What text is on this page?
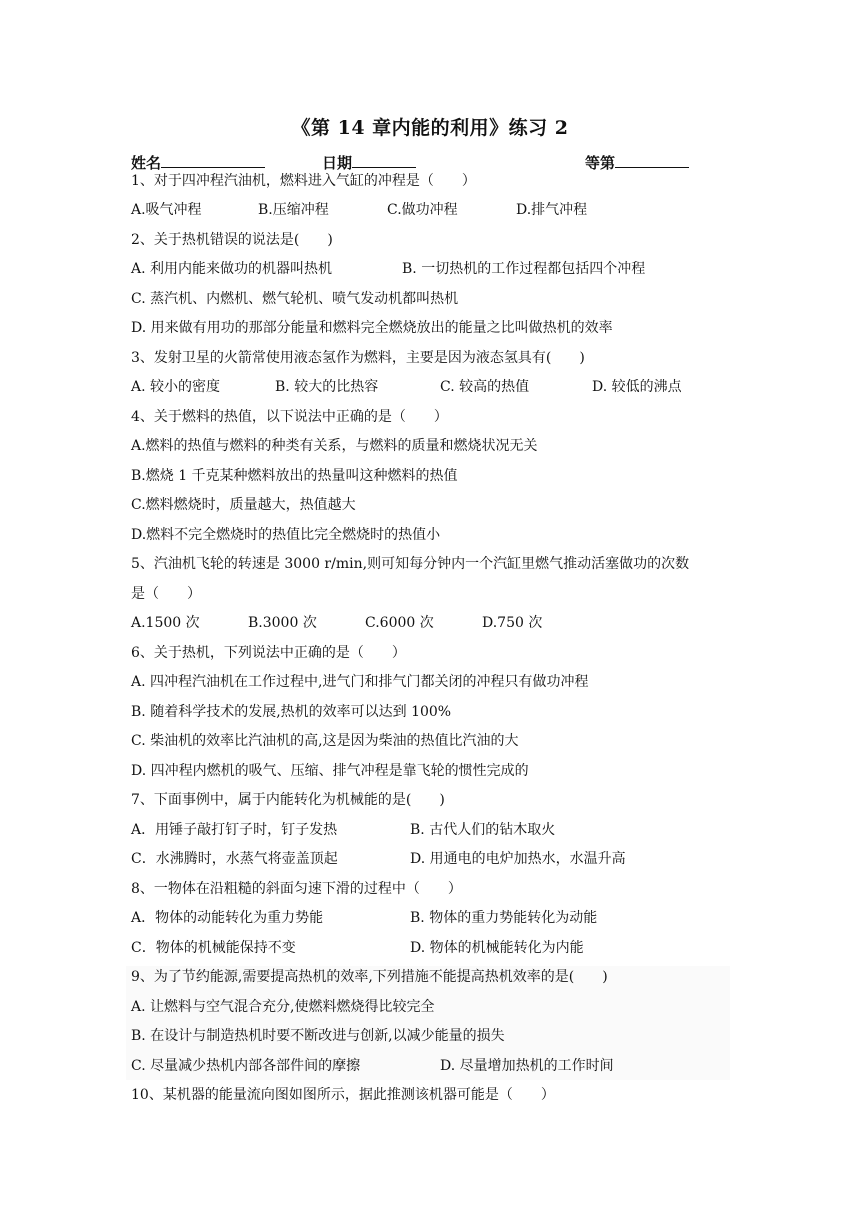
《第 14 章内能的利用》练习 2
姓名	日期	等第
1、对于四冲程汽油机，燃料进入气缸的冲程是（　　）
A.吸气冲程	B.压缩冲程	C.做功冲程	D.排气冲程
2、关于热机错误的说法是(　　)
A. 利用内能来做功的机器叫热机	B. 一切热机的工作过程都包括四个冲程
C. 蒸汽机、内燃机、燃气轮机、喷气发动机都叫热机
D. 用来做有用功的那部分能量和燃料完全燃烧放出的能量之比叫做热机的效率
3、发射卫星的火箭常使用液态氢作为燃料，主要是因为液态氢具有(　　)
A. 较小的密度	B. 较大的比热容	C. 较高的热值	D. 较低的沸点
4、关于燃料的热值，以下说法中正确的是（　　）
A.燃料的热值与燃料的种类有关系，与燃料的质量和燃烧状况无关
B.燃烧 1 千克某种燃料放出的热量叫这种燃料的热值
C.燃料燃烧时，质量越大，热值越大
D.燃料不完全燃烧时的热值比完全燃烧时的热值小
5、汽油机飞轮的转速是 3000 r/min,则可知每分钟内一个汽缸里燃气推动活塞做功的次数
是（　　）
A.1500 次	B.3000 次	C.6000 次	D.750 次
6、关于热机，下列说法中正确的是（　　）
A. 四冲程汽油机在工作过程中,进气门和排气门都关闭的冲程只有做功冲程
B. 随着科学技术的发展,热机的效率可以达到 100%
C. 柴油机的效率比汽油机的高,这是因为柴油的热值比汽油的大
D. 四冲程内燃机的吸气、压缩、排气冲程是靠飞轮的惯性完成的
7、下面事例中，属于内能转化为机械能的是(　　)
A．用锤子敲打钉子时，钉子发热	B. 古代人们的钻木取火
C．水沸腾时，水蒸气将壶盖顶起	D. 用通电的电炉加热水，水温升高
8、一物体在沿粗糙的斜面匀速下滑的过程中（　　）
A．物体的动能转化为重力势能	B. 物体的重力势能转化为动能
C．物体的机械能保持不变	D. 物体的机械能转化为内能
9、为了节约能源,需要提高热机的效率,下列措施不能提高热机效率的是(　　)
A. 让燃料与空气混合充分,使燃料燃烧得比较完全
B. 在设计与制造热机时要不断改进与创新,以减少能量的损失
C. 尽量减少热机内部各部件间的摩擦	D. 尽量增加热机的工作时间
10、某机器的能量流向图如图所示，据此推测该机器可能是（　　）
